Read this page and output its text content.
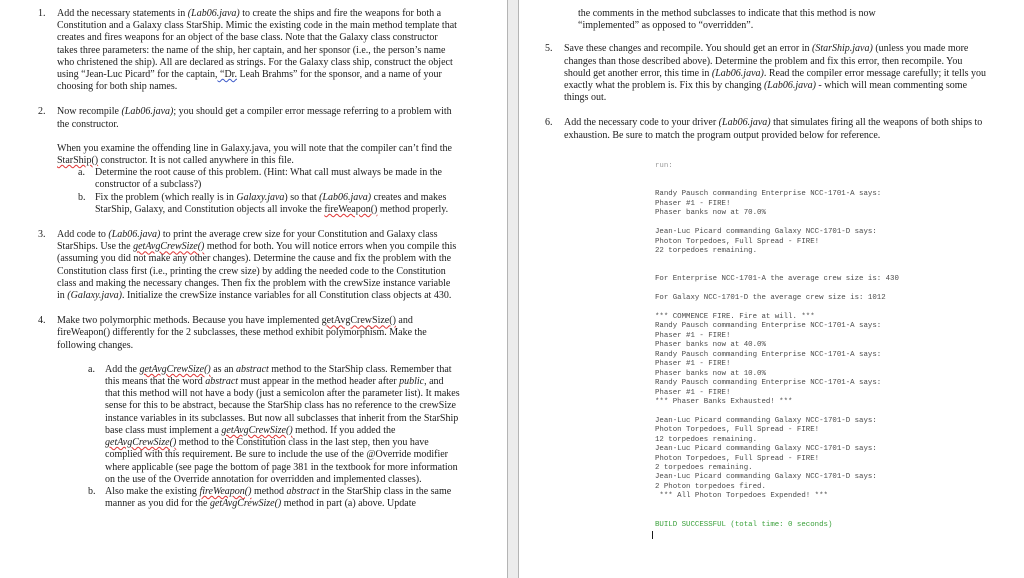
1.	Add the necessary statements in (Lab06.java) to create the ships and fire the weapons for both a Constitution and a Galaxy class StarShip. Mimic the existing code in the main method template that creates and fires weapons for an object of the base class. Note that the Galaxy class constructor takes three parameters: the name of the ship, her captain, and her sponsor (i.e., the person’s name who christened the ship). All are declared as strings. For the Galaxy class ship, construct the object using “Jean-Luc Picard” for the captain, “Dr. Leah Brahms” for the sponsor, and a name of your choosing for both ship names.
2.	Now recompile (Lab06.java); you should get a compiler error message referring to a problem with the constructor.
When you examine the offending line in Galaxy.java, you will note that the compiler can’t find the StarShip() constructor. It is not called anywhere in this file.
a.	Determine the root cause of this problem. (Hint: What call must always be made in the constructor of a subclass?)
b. Fix the problem (which really is in Galaxy.java) so that (Lab06.java) creates and makes StarShip, Galaxy, and Constitution objects all invoke the fireWeapon() method properly.
3.	Add code to (Lab06.java) to print the average crew size for your Constitution and Galaxy class StarShips. Use the getAvgCrewSize() method for both. You will notice errors when you compile this (assuming you did not make any other changes). Determine the cause and fix the problem with the Constitution class first (i.e., printing the crew size) by adding the needed code to the Constitution class and making the necessary changes. Then fix the problem with the crewSize instance variable in (Galaxy.java). Initialize the crewSize instance variables for all Constitution class objects at 430.
4.	Make two polymorphic methods. Because you have implemented getAvgCrewSize() and fireWeapon() differently for the 2 subclasses, these method exhibit polymorphism. Make the following changes.
a.	Add the getAvgCrewSize() as an abstract method to the StarShip class. Remember that this means that the word abstract must appear in the method header after public, and that this method will not have a body (just a semicolon after the parameter list). It makes sense for this to be abstract, because the StarShip class has no reference to the crewSize instance variables in its subclasses. But now all subclasses that inherit from the StarShip base class must implement a getAvgCrewSize() method. If you added the getAvgCrewSize() method to the Constitution class in the last step, then you have complied with this requirement. Be sure to include the use of the @Override modifier where applicable (see page the bottom of page 381 in the textbook for more information on the use of the Override annotation for overridden and implemented classes).
b. Also make the existing fireWeapon() method abstract in the StarShip class in the same manner as you did for the getAvgCrewSize() method in part (a) above. Update
the comments in the method subclasses to indicate that this method is now “implemented” as opposed to “overridden”.
5.	Save these changes and recompile. You should get an error in (StarShip.java) (unless you made more changes than those described above). Determine the problem and fix this error, then recompile. You should get another error, this time in (Lab06.java). Read the compiler error message carefully; it tells you exactly what the problem is. Fix this by changing (Lab06.java) - which will mean commenting some things out.
6.	Add the necessary code to your driver (Lab06.java) that simulates firing all the weapons of both ships to exhaustion. Be sure to match the program output provided below for reference.
run:

Randy Pausch commanding Enterprise NCC-1701-A says:
Phaser #1 - FIRE!
Phaser banks now at 70.0%

Jean-Luc Picard commanding Galaxy NCC-1701-D says:
Photon Torpedoes, Full Spread - FIRE!
22 torpedoes remaining.

For Enterprise NCC-1701-A the average crew size is: 430

For Galaxy NCC-1701-D the average crew size is: 1012

*** COMMENCE FIRE. Fire at will. ***
Randy Pausch commanding Enterprise NCC-1701-A says:
Phaser #1 - FIRE!
Phaser banks now at 40.0%
Randy Pausch commanding Enterprise NCC-1701-A says:
Phaser #1 - FIRE!
Phaser banks now at 10.0%
Randy Pausch commanding Enterprise NCC-1701-A says:
Phaser #1 - FIRE!
*** Phaser Banks Exhausted! ***

Jean-Luc Picard commanding Galaxy NCC-1701-D says:
Photon Torpedoes, Full Spread - FIRE!
12 torpedoes remaining.
Jean-Luc Picard commanding Galaxy NCC-1701-D says:
Photon Torpedoes, Full Spread - FIRE!
2 torpedoes remaining.
Jean-Luc Picard commanding Galaxy NCC-1701-D says:
2 Photon torpedoes fired.
*** All Photon Torpedoes Expended! ***

BUILD SUCCESSFUL (total time: 0 seconds)
